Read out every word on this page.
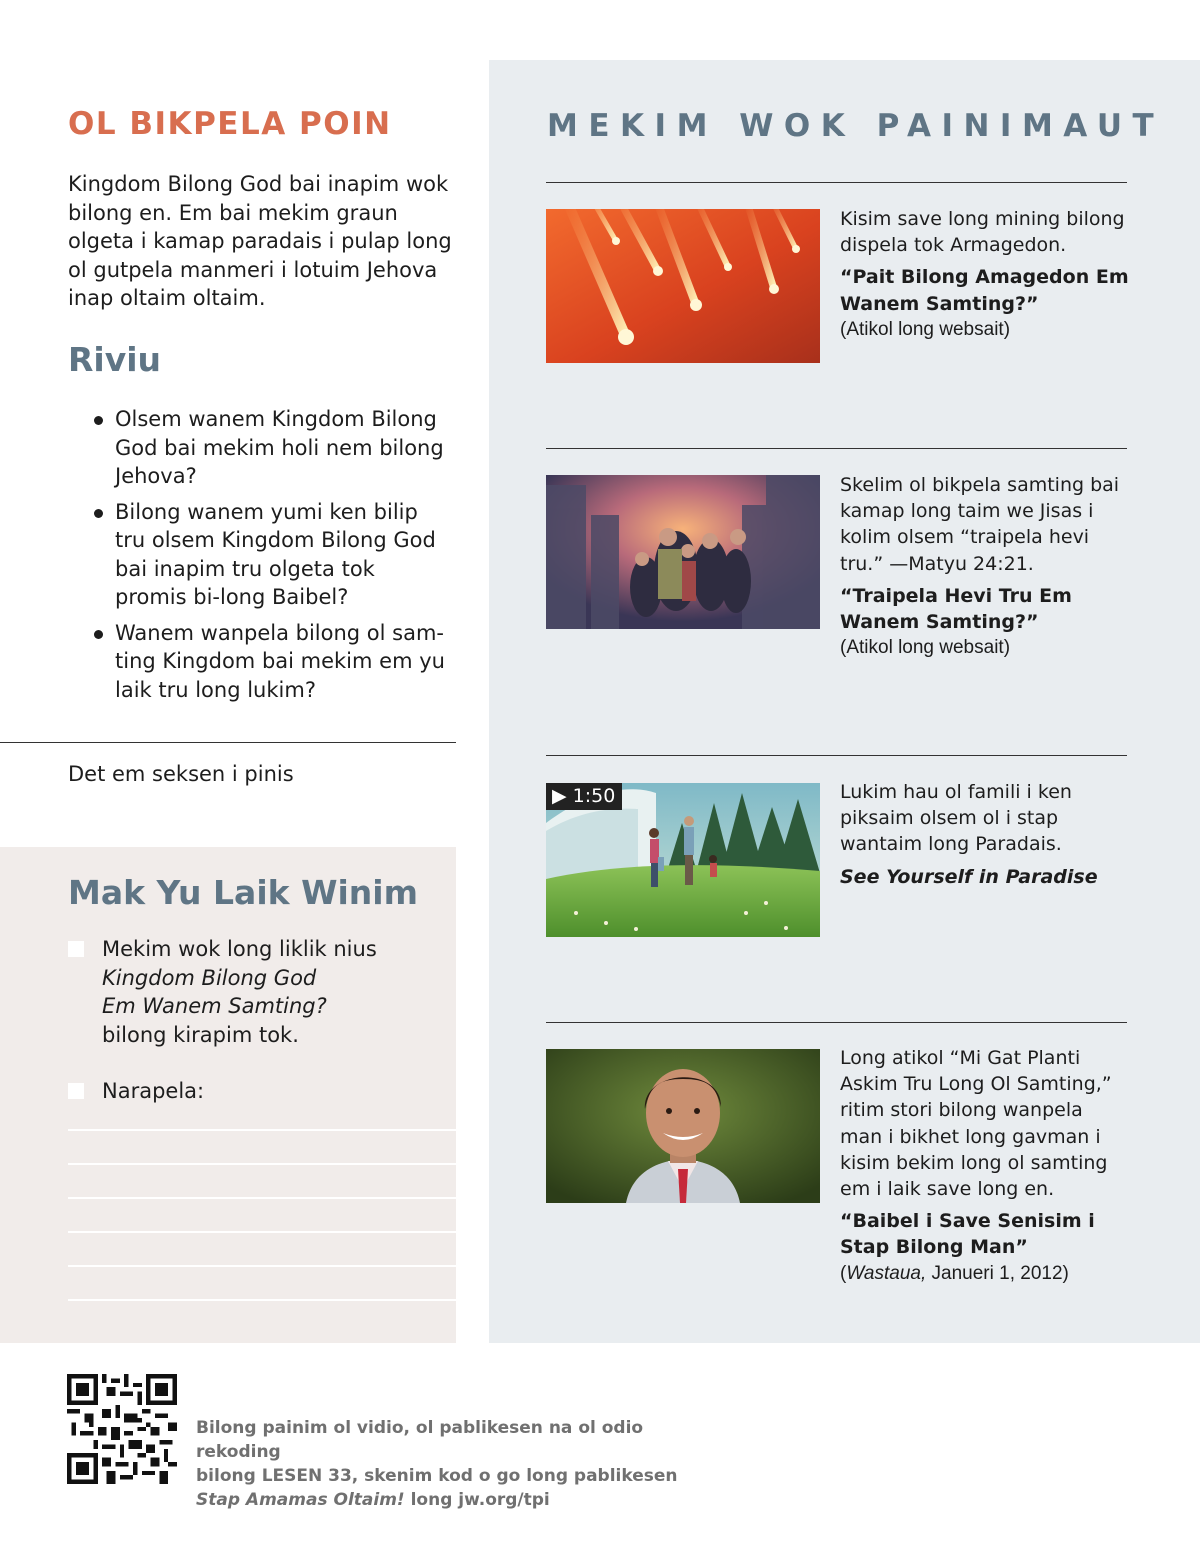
OL BIKPELA POIN

Kingdom Bilong God bai inapim wok bilong en. Em bai mekim graun olgeta i kamap paradais i pulap long ol gutpela manmeri i lotuim Jehova inap oltaim oltaim.

Riviu
Olsem wanem Kingdom Bilong God bai mekim holi nem bilong Jehova?
Bilong wanem yumi ken bilip tru olsem Kingdom Bilong God bai inapim tru olgeta tok promis bi-long Baibel?
Wanem wanpela bilong ol sam-ting Kingdom bai mekim em yu laik tru long lukim?

Det em seksen i pinis

Mak Yu Laik Winim
Mekim wok long liklik nius
Kingdom Bilong God
Em Wanem Samting?
bilong kirapim tok.
Narapela:
MEKIM WOK PAINIMAUT
Kisim save long mining bilong dispela tok Armagedon.
“Pait Bilong Amagedon Em Wanem Samting?”
(Atikol long websait)
Skelim ol bikpela samting bai kamap long taim we Jisas i kolim olsem “traipela hevi tru.” —Matyu 24:21.
“Traipela Hevi Tru Em Wanem Samting?”
(Atikol long websait)
▶ 1:50	Lukim hau ol famili i ken piksaim olsem ol i stap wantaim long Paradais.
See Yourself in Paradise
Long atikol “Mi Gat Planti Askim Tru Long Ol Samting,” ritim stori bilong wanpela man i bikhet long gavman i kisim bekim long ol samting em i laik save long en.
“Baibel i Save Senisim i Stap Bilong Man”
(Wastaua, Janueri 1, 2012)
Bilong painim ol vidio, ol pablikesen na ol odio rekoding
bilong LESEN 33, skenim kod o go long pablikesen
Stap Amamas Oltaim! long jw.org/tpi
